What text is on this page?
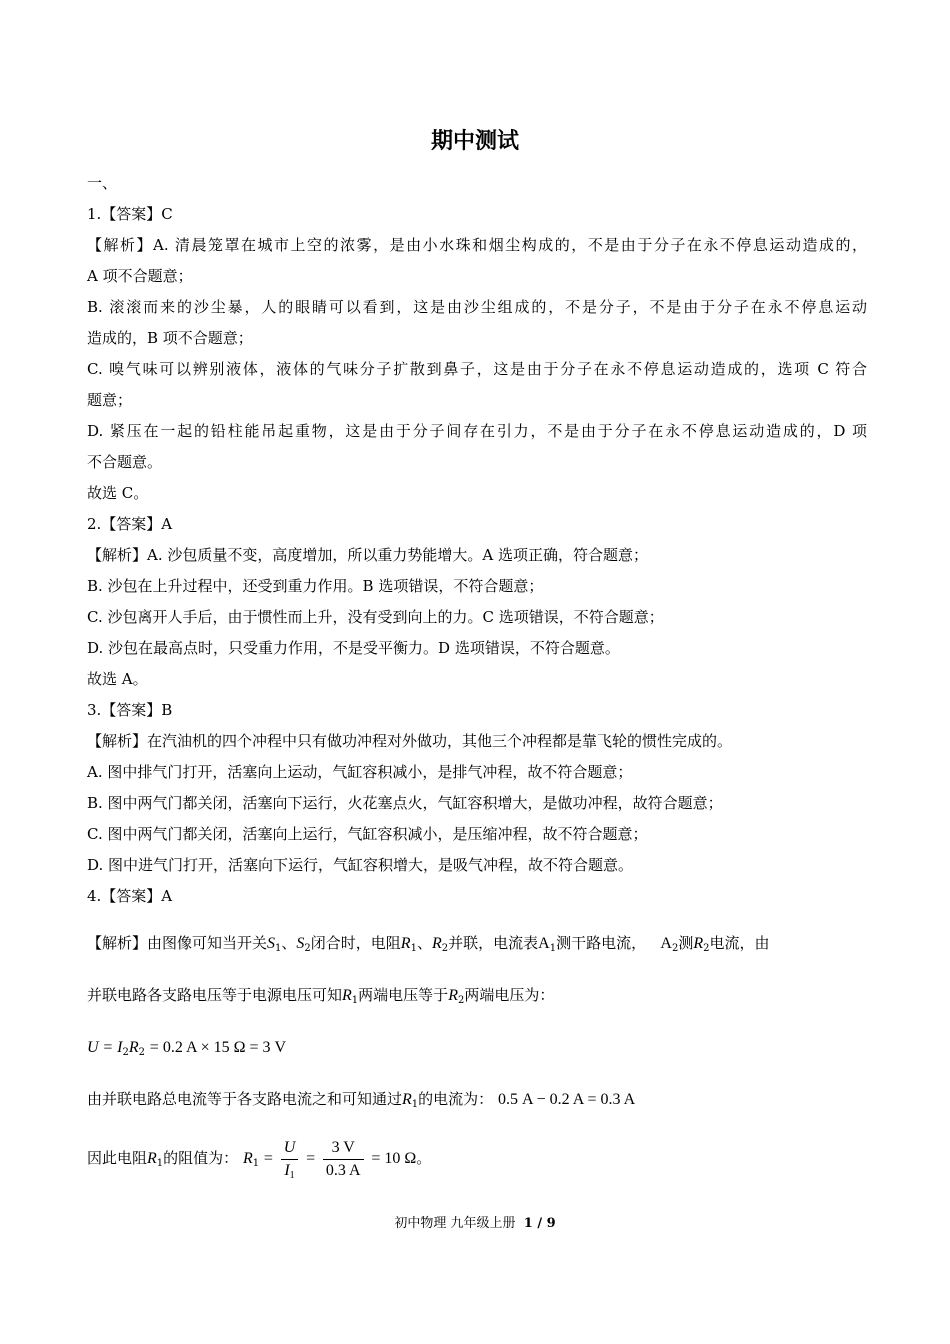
期中测试
一、
1.【答案】C
【解析】A. 清晨笼罩在城市上空的浓雾，是由小水珠和烟尘构成的，不是由于分子在永不停息运动造成的，
A 项不合题意；
B. 滚滚而来的沙尘暴，人的眼睛可以看到，这是由沙尘组成的，不是分子，不是由于分子在永不停息运动
造成的，B 项不合题意；
C. 嗅气味可以辨别液体，液体的气味分子扩散到鼻子，这是由于分子在永不停息运动造成的，选项 C 符合
题意；
D. 紧压在一起的铅柱能吊起重物，这是由于分子间存在引力，不是由于分子在永不停息运动造成的，D 项
不合题意。
故选 C。
2.【答案】A
【解析】A. 沙包质量不变，高度增加，所以重力势能增大。A 选项正确，符合题意；
B. 沙包在上升过程中，还受到重力作用。B 选项错误，不符合题意；
C. 沙包离开人手后，由于惯性而上升，没有受到向上的力。C 选项错误，不符合题意；
D. 沙包在最高点时，只受重力作用，不是受平衡力。D 选项错误，不符合题意。
故选 A。
3.【答案】B
【解析】在汽油机的四个冲程中只有做功冲程对外做功，其他三个冲程都是靠飞轮的惯性完成的。
A. 图中排气门打开，活塞向上运动，气缸容积减小，是排气冲程，故不符合题意；
B. 图中两气门都关闭，活塞向下运行，火花塞点火，气缸容积增大，是做功冲程，故符合题意；
C. 图中两气门都关闭，活塞向上运行，气缸容积减小，是压缩冲程，故不符合题意；
D. 图中进气门打开，活塞向下运行，气缸容积增大，是吸气冲程，故不符合题意。
4.【答案】A
【解析】由图像可知当开关$S_1$、$S_2$闭合时，电阻$R_1$、$R_2$并联，电流表$A_1$测干路电流， $A_2$测$R_2$电流，由
并联电路各支路电压等于电源电压可知$R_1$两端电压等于$R_2$两端电压为：
$U = I_2R_2 = 0.2$ A × 15 Ω = 3 V
由并联电路总电流等于各支路电流之和可知通过$R_1$的电流为： 0.5 A − 0.2 A = 0.3 A
因此电阻$R_1$的阻值为： $R_1 = \frac{U}{I_1} = \frac{3 V}{0.3 A} = 10$ Ω。
初中物理 九年级上册 1 / 9
